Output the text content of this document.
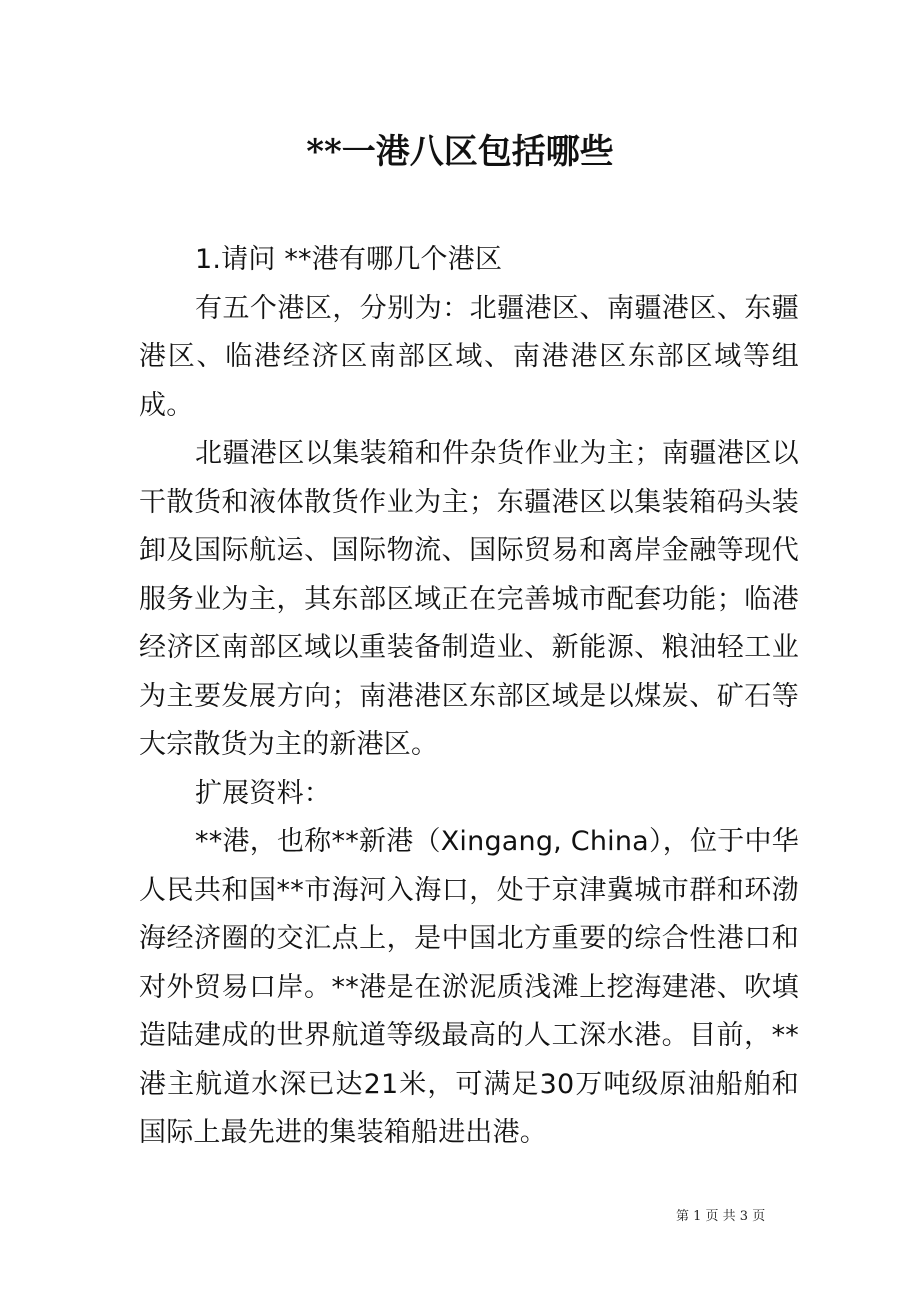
**一港八区包括哪些

1.请问 **港有哪几个港区

有五个港区，分别为：北疆港区、南疆港区、东疆港区、临港经济区南部区域、南港港区东部区域等组成。

北疆港区以集装箱和件杂货作业为主；南疆港区以干散货和液体散货作业为主；东疆港区以集装箱码头装卸及国际航运、国际物流、国际贸易和离岸金融等现代服务业为主，其东部区域正在完善城市配套功能；临港经济区南部区域以重装备制造业、新能源、粮油轻工业为主要发展方向；南港港区东部区域是以煤炭、矿石等大宗散货为主的新港区。

扩展资料：

**港，也称**新港（Xingang, China），位于中华人民共和国**市海河入海口，处于京津冀城市群和环渤海经济圈的交汇点上，是中国北方重要的综合性港口和对外贸易口岸。**港是在淤泥质浅滩上挖海建港、吹填造陆建成的世界航道等级最高的人工深水港。目前，**港主航道水深已达21米，可满足30万吨级原油船舶和国际上最先进的集装箱船进出港。

第 1 页 共 3 页
